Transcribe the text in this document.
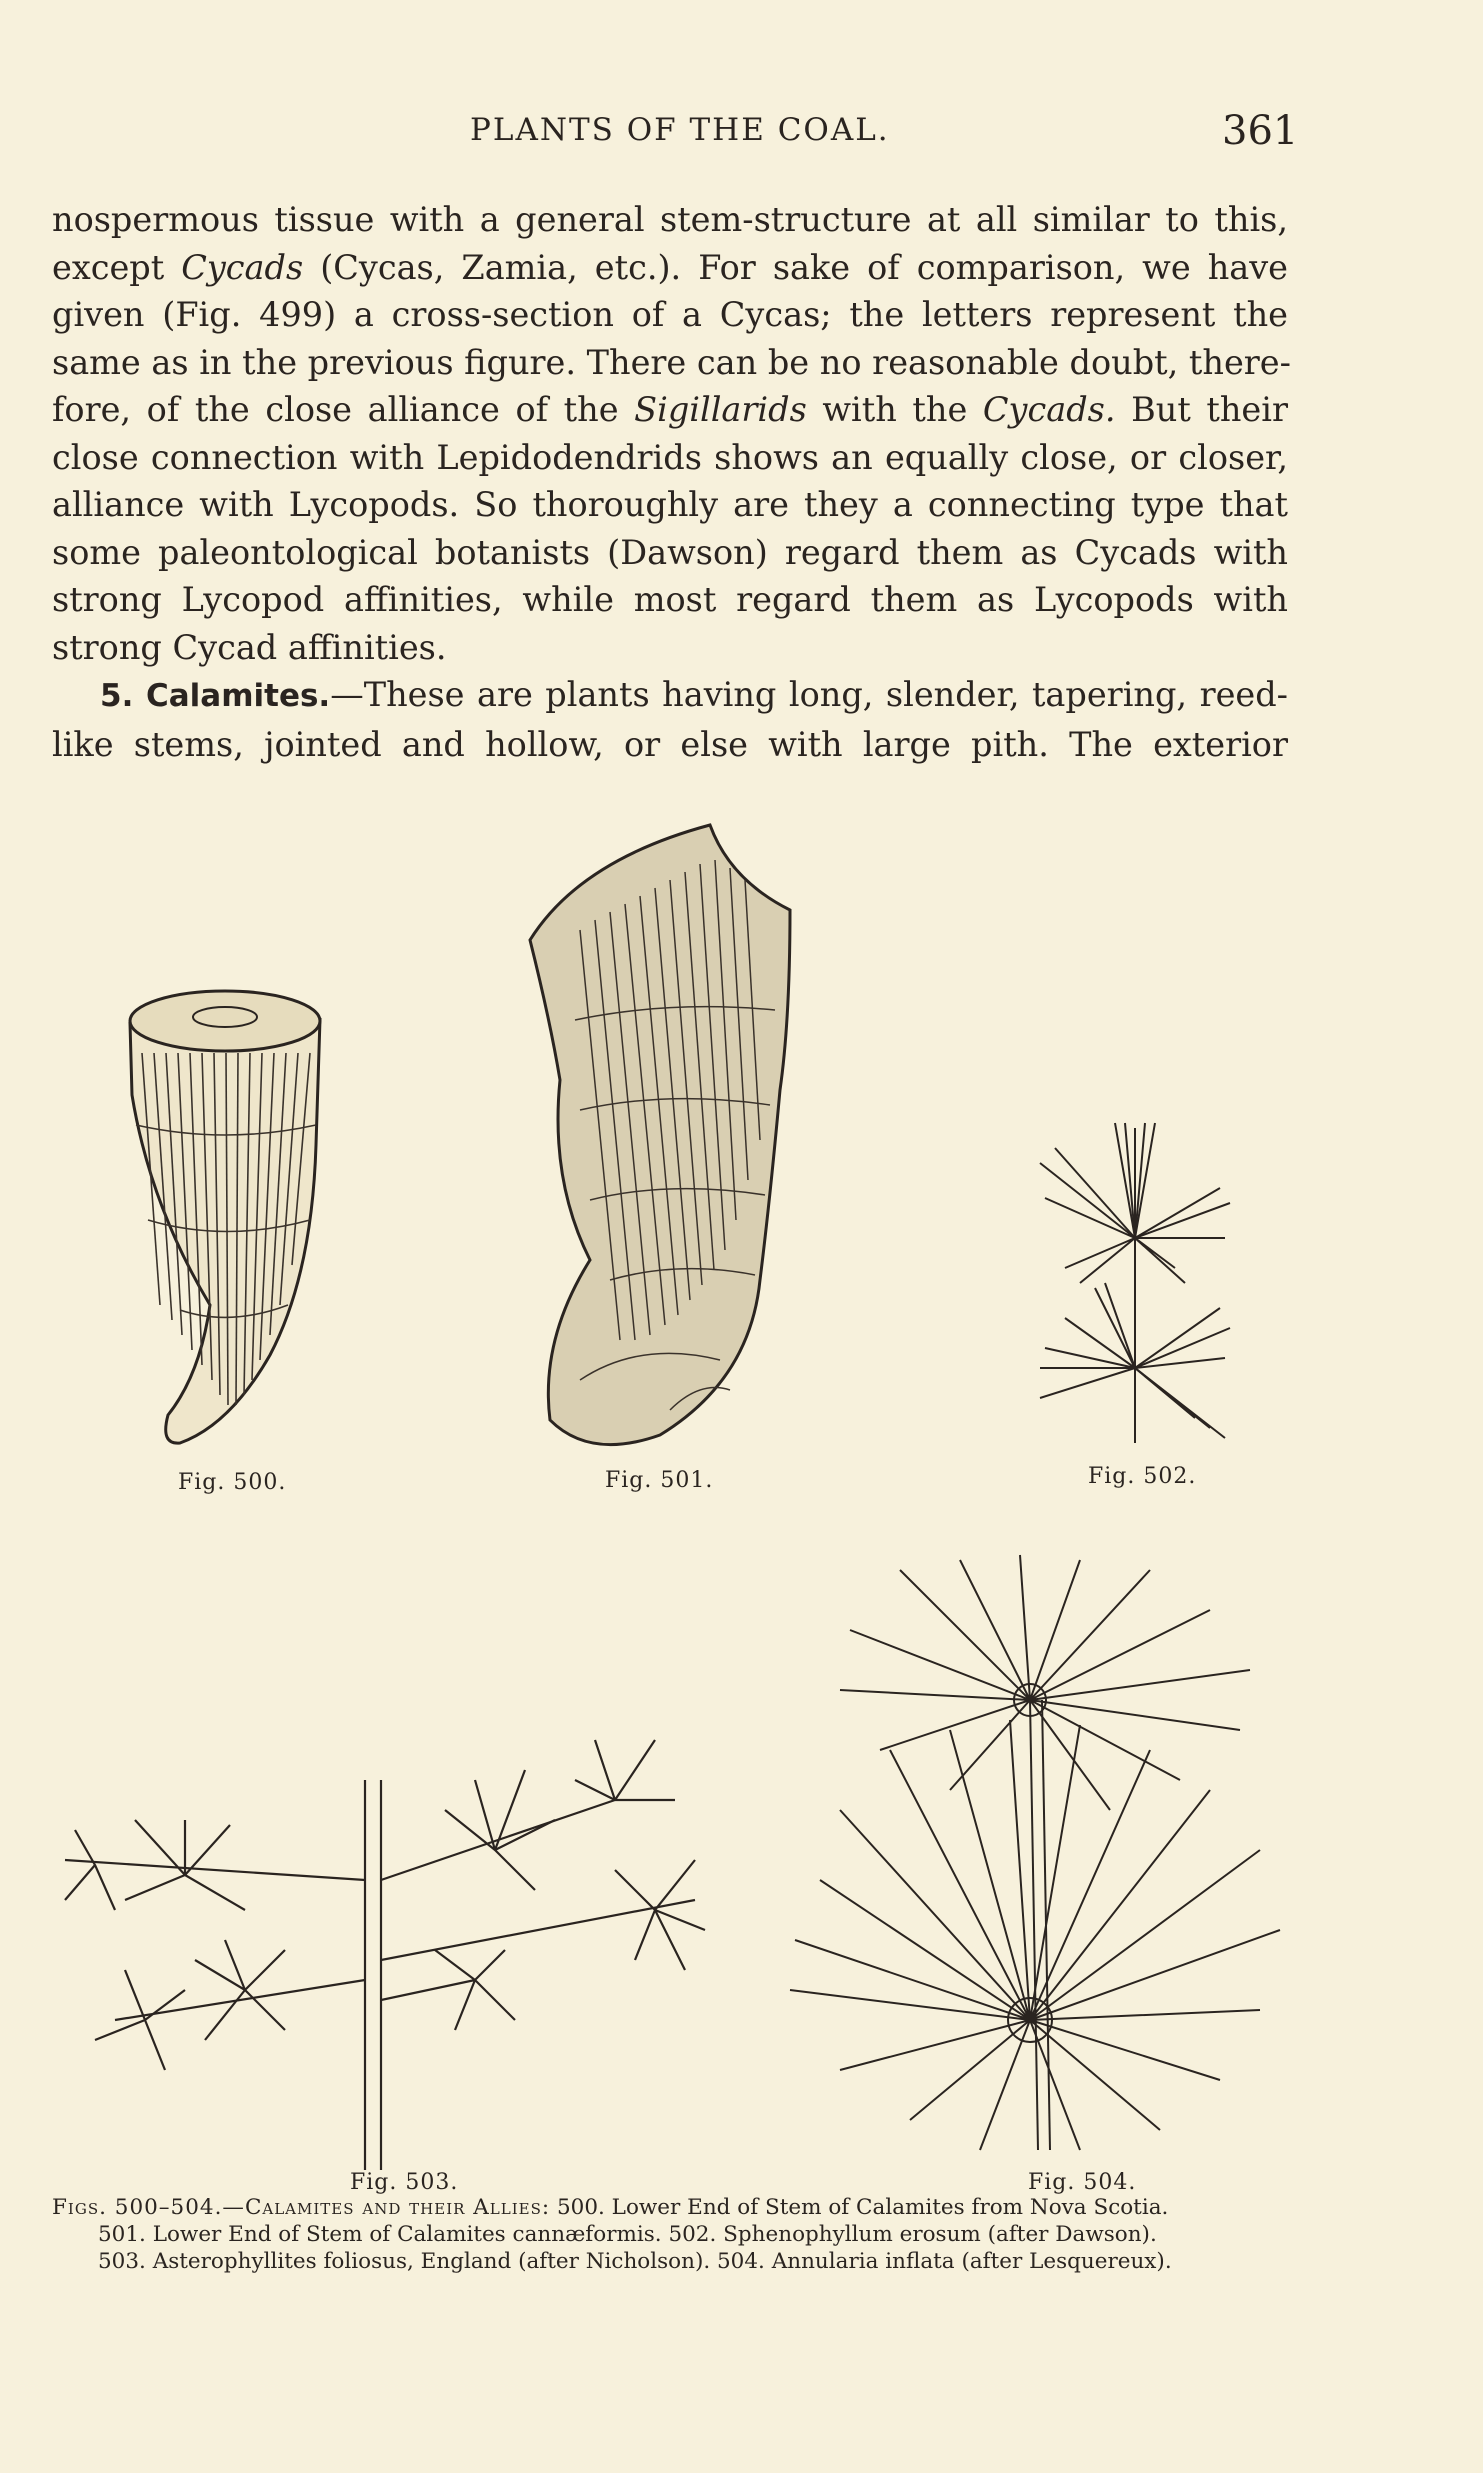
PLANTS OF THE COAL.	361
nospermous tissue with a general stem-structure at all similar to this,
except Cycads (Cycas, Zamia, etc.). For sake of comparison, we have
given (Fig. 499) a cross-section of a Cycas; the letters represent the
same as in the previous figure. There can be no reasonable doubt, there-
fore, of the close alliance of the Sigillarids with the Cycads. But their
close connection with Lepidodendrids shows an equally close, or closer,
alliance with Lycopods. So thoroughly are they a connecting type that
some paleontological botanists (Dawson) regard them as Cycads with
strong Lycopod affinities, while most regard them as Lycopods with
strong Cycad affinities.
5. Calamites.—These are plants having long, slender, tapering, reed-
like stems, jointed and hollow, or else with large pith. The exterior
Fig. 500.	Fig. 501.	Fig. 502.
Fig. 503.	Fig. 504.
Figs. 500–504.—Calamites and their Allies: 500. Lower End of Stem of Calamites from Nova Scotia.
501. Lower End of Stem of Calamites cannæformis. 502. Sphenophyllum erosum (after Dawson).
503. Asterophyllites foliosus, England (after Nicholson). 504. Annularia inflata (after Lesquereux).
